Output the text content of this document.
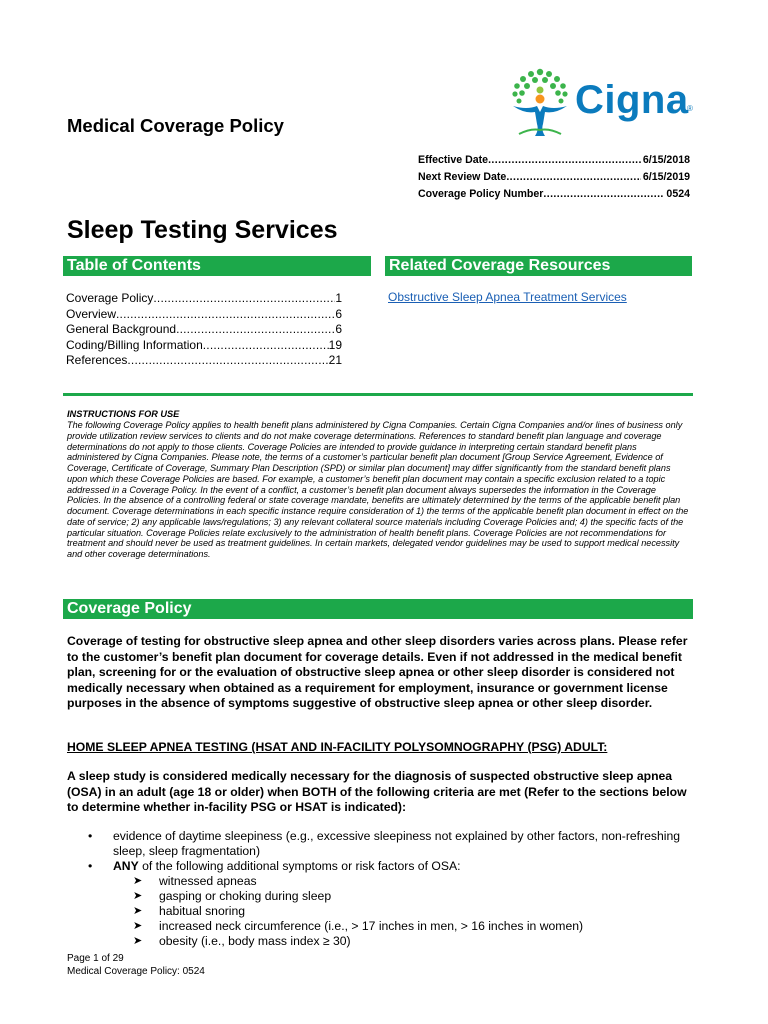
Cigna
®
Medical Coverage Policy
Effective Date .....	6/15/2018
Next Review Date .....	6/15/2019
Coverage Policy Number .....	0524
Sleep Testing Services
Table of Contents	Related Coverage Resources
Coverage Policy .....	1
Overview .....	6
General Background .....	6
Coding/Billing Information .....	19
References .....	21
Obstructive Sleep Apnea Treatment Services
INSTRUCTIONS FOR USE

The following Coverage Policy applies to health benefit plans administered by Cigna Companies. Certain Cigna Companies and/or lines of business only provide utilization review services to clients and do not make coverage determinations. References to standard benefit plan language and coverage determinations do not apply to those clients. Coverage Policies are intended to provide guidance in interpreting certain standard benefit plans administered by Cigna Companies. Please note, the terms of a customer’s particular benefit plan document [Group Service Agreement, Evidence of Coverage, Certificate of Coverage, Summary Plan Description (SPD) or similar plan document] may differ significantly from the standard benefit plans upon which these Coverage Policies are based. For example, a customer’s benefit plan document may contain a specific exclusion related to a topic addressed in a Coverage Policy. In the event of a conflict, a customer’s benefit plan document always supersedes the information in the Coverage Policies. In the absence of a controlling federal or state coverage mandate, benefits are ultimately determined by the terms of the applicable benefit plan document. Coverage determinations in each specific instance require consideration of 1) the terms of the applicable benefit plan document in effect on the date of service; 2) any applicable laws/regulations; 3) any relevant collateral source materials including Coverage Policies and; 4) the specific facts of the particular situation. Coverage Policies relate exclusively to the administration of health benefit plans. Coverage Policies are not recommendations for treatment and should never be used as treatment guidelines. In certain markets, delegated vendor guidelines may be used to support medical necessity and other coverage determinations.

Coverage Policy

Coverage of testing for obstructive sleep apnea and other sleep disorders varies across plans. Please refer to the customer’s benefit plan document for coverage details. Even if not addressed in the medical benefit plan, screening for or the evaluation of obstructive sleep apnea or other sleep disorder is considered not medically necessary when obtained as a requirement for employment, insurance or government license purposes in the absence of symptoms suggestive of obstructive sleep apnea or other sleep disorder.

HOME SLEEP APNEA TESTING (HSAT AND IN-FACILITY POLYSOMNOGRAPHY (PSG) ADULT:

A sleep study is considered medically necessary for the diagnosis of suspected obstructive sleep apnea (OSA) in an adult (age 18 or older) when BOTH of the following criteria are met (Refer to the sections below to determine whether in-facility PSG or HSAT is indicated):

•	evidence of daytime sleepiness (e.g., excessive sleepiness not explained by other factors, non-refreshing sleep, sleep fragmentation)
•	ANY of the following additional symptoms or risk factors of OSA:
➤	witnessed apneas
➤	gasping or choking during sleep
➤	habitual snoring
➤	increased neck circumference (i.e., > 17 inches in men, > 16 inches in women)
➤	obesity (i.e., body mass index ≥ 30)
Page 1 of 29
Medical Coverage Policy: 0524
